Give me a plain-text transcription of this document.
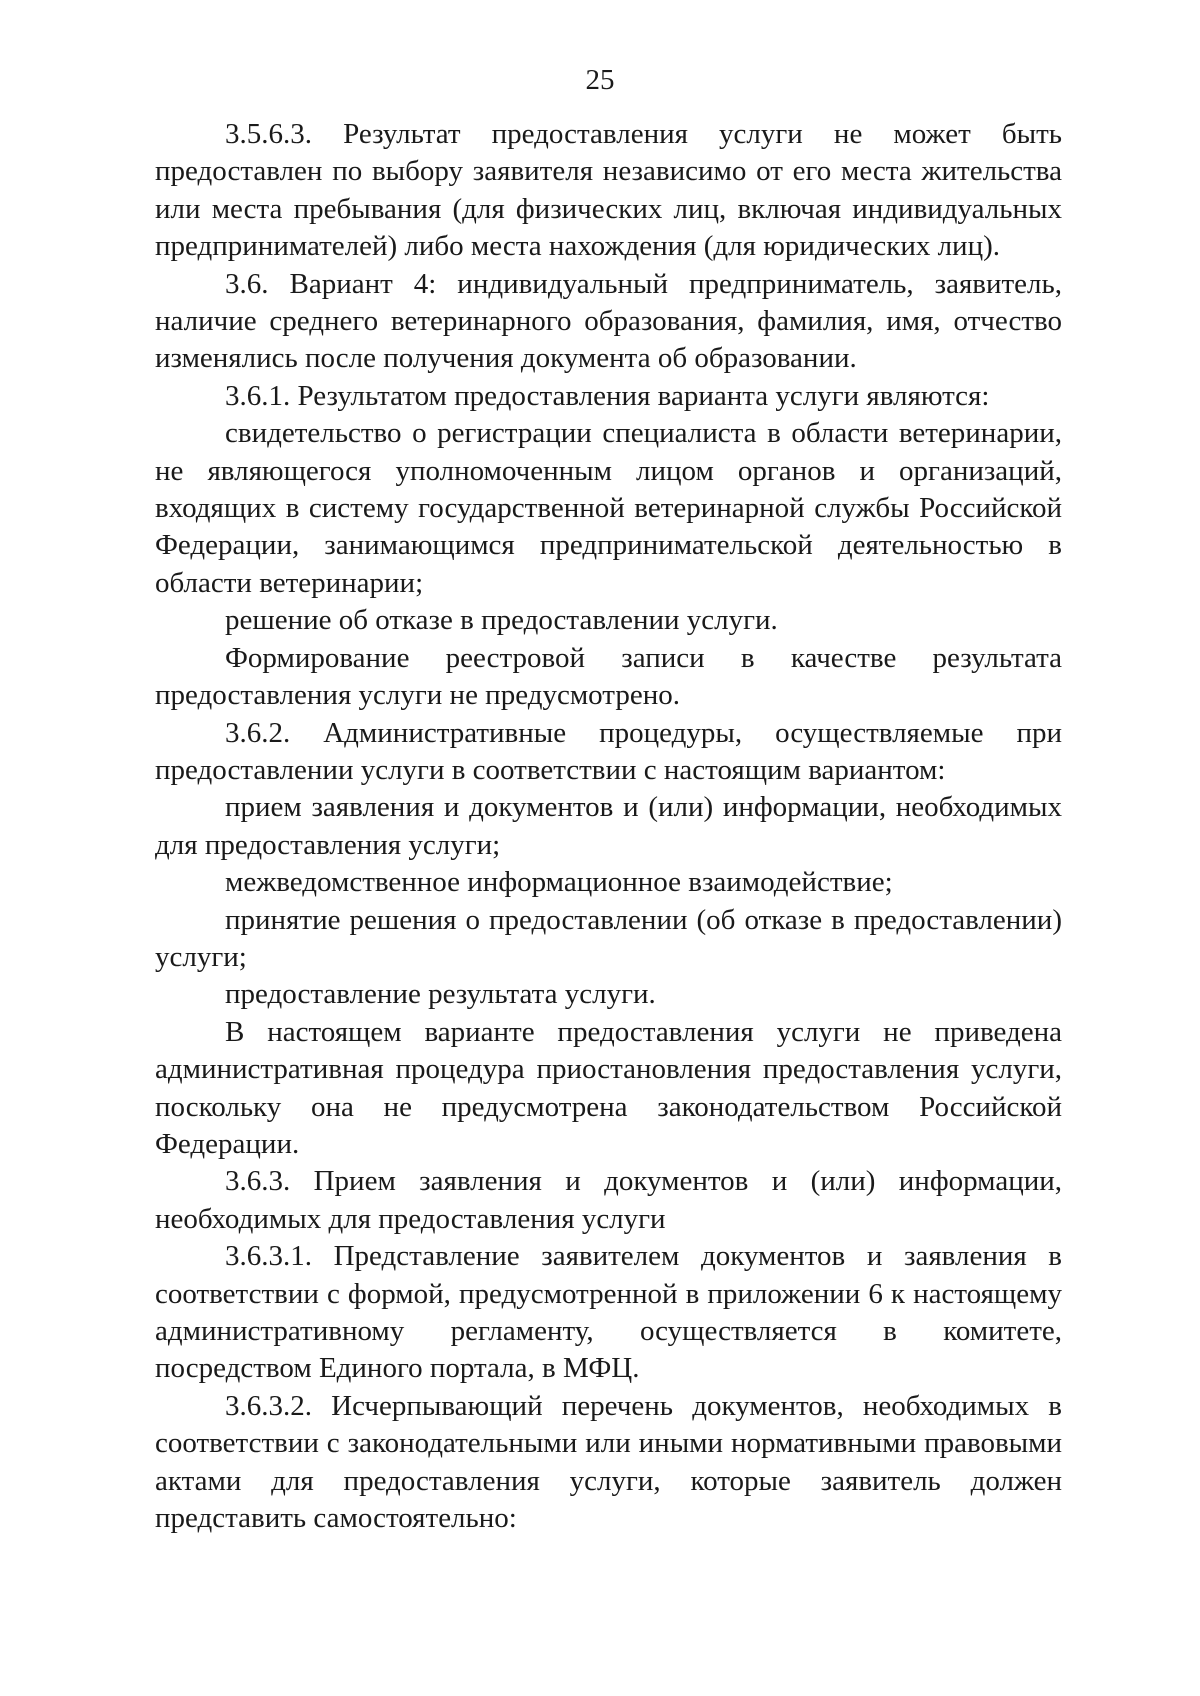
25

3.5.6.3. Результат предоставления услуги не может быть предоставлен по выбору заявителя независимо от его места жительства или места пребывания (для физических лиц, включая индивидуальных предпринимателей) либо места нахождения (для юридических лиц).

3.6. Вариант 4: индивидуальный предприниматель, заявитель, наличие среднего ветеринарного образования, фамилия, имя, отчество изменялись после получения документа об образовании.

3.6.1. Результатом предоставления варианта услуги являются:

свидетельство о регистрации специалиста в области ветеринарии, не являющегося уполномоченным лицом органов и организаций, входящих в систему государственной ветеринарной службы Российской Федерации, занимающимся предпринимательской деятельностью в области ветеринарии;

решение об отказе в предоставлении услуги.

Формирование реестровой записи в качестве результата предоставления услуги не предусмотрено.

3.6.2. Административные процедуры, осуществляемые при предоставлении услуги в соответствии с настоящим вариантом:

прием заявления и документов и (или) информации, необходимых для предоставления услуги;

межведомственное информационное взаимодействие;

принятие решения о предоставлении (об отказе в предоставлении) услуги;

предоставление результата услуги.

В настоящем варианте предоставления услуги не приведена административная процедура приостановления предоставления услуги, поскольку она не предусмотрена законодательством Российской Федерации.

3.6.3. Прием заявления и документов и (или) информации, необходимых для предоставления услуги

3.6.3.1. Представление заявителем документов и заявления в соответствии с формой, предусмотренной в приложении 6 к настоящему административному регламенту, осуществляется в комитете, посредством Единого портала, в МФЦ.

3.6.3.2. Исчерпывающий перечень документов, необходимых в соответствии с законодательными или иными нормативными правовыми актами для предоставления услуги, которые заявитель должен представить самостоятельно:
